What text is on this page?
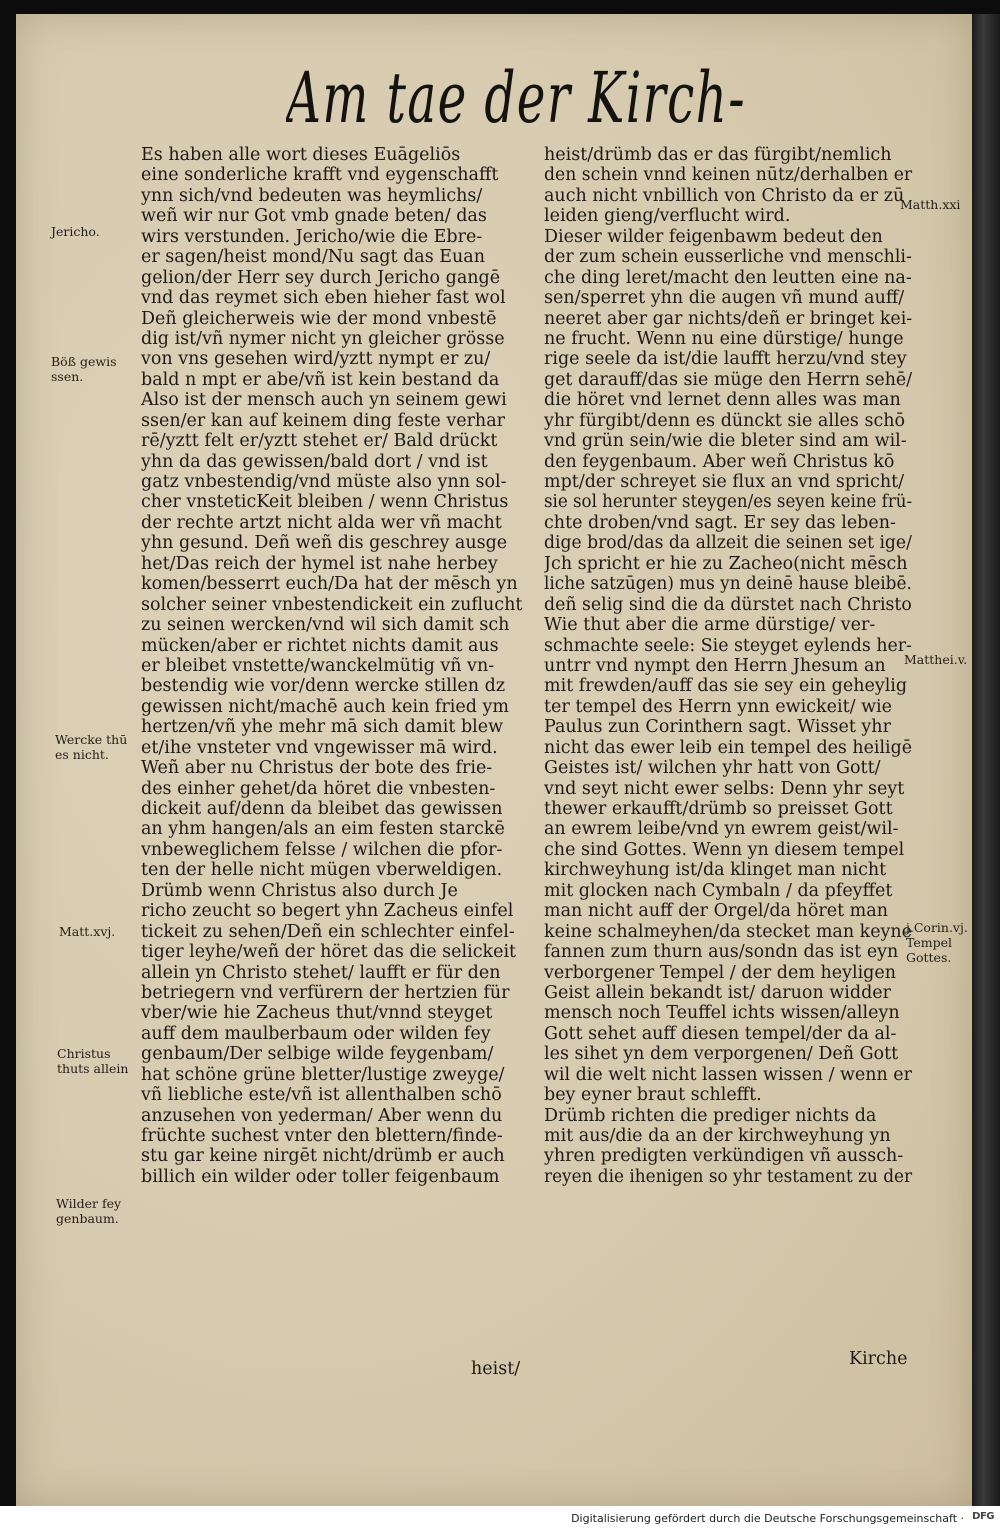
Am tae der Kirch-
Es haben alle wort dieses Euāgeliōs
eine sonderliche krafft vnd eygenschafft
ynn sich/vnd bedeuten was heymlichs/
weñ wir nur Got vmb gnade beten/ das
wirs verstunden. Jericho/wie die Ebre-
er sagen/heist mond/Nu sagt das Euan
gelion/der Herr sey durch Jericho gangē
vnd das reymet sich eben hieher fast wol
Deñ gleicherweis wie der mond vnbestē
dig ist/vñ nymer nicht yn gleicher grösse
von vns gesehen wird/yztt nympt er zu/
bald n mpt er abe/vñ ist kein bestand da
Also ist der mensch auch yn seinem gewi
ssen/er kan auf keinem ding feste verhar
rē/yztt felt er/yztt stehet er/ Bald drückt
yhn da das gewissen/bald dort / vnd ist
gatz vnbestendig/vnd müste also ynn sol-
cher vnsteticKeit bleiben / wenn Christus
der rechte artzt nicht alda wer vñ macht
yhn gesund. Deñ weñ dis geschrey ausge
het/Das reich der hymel ist nahe herbey
komen/besserrt euch/Da hat der mēsch yn
solcher seiner vnbestendickeit ein zuflucht
zu seinen wercken/vnd wil sich damit sch
mücken/aber er richtet nichts damit aus
er bleibet vnstette/wanckelmütig vñ vn-
bestendig wie vor/denn wercke stillen dz
gewissen nicht/machē auch kein fried ym
hertzen/vñ yhe mehr mā sich damit blew
et/ihe vnsteter vnd vngewisser mā wird.
Weñ aber nu Christus der bote des frie-
des einher gehet/da höret die vnbesten-
dickeit auf/denn da bleibet das gewissen
an yhm hangen/als an eim festen starckē
vnbeweglichem felsse / wilchen die pfor-
ten der helle nicht mügen vberweldigen.
Drümb wenn Christus also durch Je
richo zeucht so begert yhn Zacheus einfel
tickeit zu sehen/Deñ ein schlechter einfel-
tiger leyhe/weñ der höret das die selickeit
allein yn Christo stehet/ laufft er für den
betriegern vnd verfürern der hertzien für
vber/wie hie Zacheus thut/vnnd steyget
auff dem maulberbaum oder wilden fey
genbaum/Der selbige wilde feygenbam/
hat schöne grüne bletter/lustige zweyge/
vñ liebliche este/vñ ist allenthalben schō
anzusehen von yederman/ Aber wenn du
früchte suchest vnter den blettern/finde-
stu gar keine nirgēt nicht/drümb er auch
billich ein wilder oder toller feigenbaum
heist/
heist/drümb das er das fürgibt/nemlich
den schein vnnd keinen nūtz/derhalben er
auch nicht vnbillich von Christo da er zū
leiden gieng/verflucht wird.
Dieser wilder feigenbawm bedeut den
der zum schein eusserliche vnd menschli-
che ding leret/macht den leutten eine na-
sen/sperret yhn die augen vñ mund auff/
neeret aber gar nichts/deñ er bringet kei-
ne frucht. Wenn nu eine dürstige/ hunge
rige seele da ist/die laufft herzu/vnd stey
get darauff/das sie müge den Herrn sehē/
die höret vnd lernet denn alles was man
yhr fürgibt/denn es dünckt sie alles schō
vnd grün sein/wie die bleter sind am wil-
den feygenbaum. Aber weñ Christus kō
mpt/der schreyet sie flux an vnd spricht/
sie sol herunter steygen/es seyen keine frü-
chte droben/vnd sagt. Er sey das leben-
dige brod/das da allzeit die seinen set ige/
Jch spricht er hie zu Zacheo(nicht mēsch
liche satzūgen) mus yn deinē hause bleibē.
deñ selig sind die da dürstet nach Christo
Wie thut aber die arme dürstige/ ver-
schmachte seele: Sie steyget eylends her-
untrr vnd nympt den Herrn Jhesum an
mit frewden/auff das sie sey ein geheylig
ter tempel des Herrn ynn ewickeit/ wie
Paulus zun Corinthern sagt. Wisset yhr
nicht das ewer leib ein tempel des heiligē
Geistes ist/ wilchen yhr hatt von Gott/
vnd seyt nicht ewer selbs: Denn yhr seyt
thewer erkaufft/drümb so preisset Gott
an ewrem leibe/vnd yn ewrem geist/wil-
che sind Gottes. Wenn yn diesem tempel
kirchweyhung ist/da klinget man nicht
mit glocken nach Cymbaln / da pfeyffet
man nicht auff der Orgel/da höret man
keine schalmeyhen/da stecket man keyne
fannen zum thurn aus/sondn das ist eyn
verborgener Tempel / der dem heyligen
Geist allein bekandt ist/ daruon widder
mensch noch Teuffel ichts wissen/alleyn
Gott sehet auff diesen tempel/der da al-
les sihet yn dem verporgenen/ Deñ Gott
wil die welt nicht lassen wissen / wenn er
bey eyner braut schlefft.
Drümb richten die prediger nichts da
mit aus/die da an der kirchweyhung yn
yhren predigten verkündigen vñ aussch-
reyen die ihenigen so yhr testament zu der
Kirche
Jericho.
Böß gewis
ssen.
Wercke thū
es nicht.
Matt.xvj.
Christus
thuts allein
Wilder fey
genbaum.
Matth.xxi
Matthei.v.
j.Corin.vj.
Tempel
Gottes.
Digitalisierung gefördert durch die Deutsche Forschungsgemeinschaft · DFG
